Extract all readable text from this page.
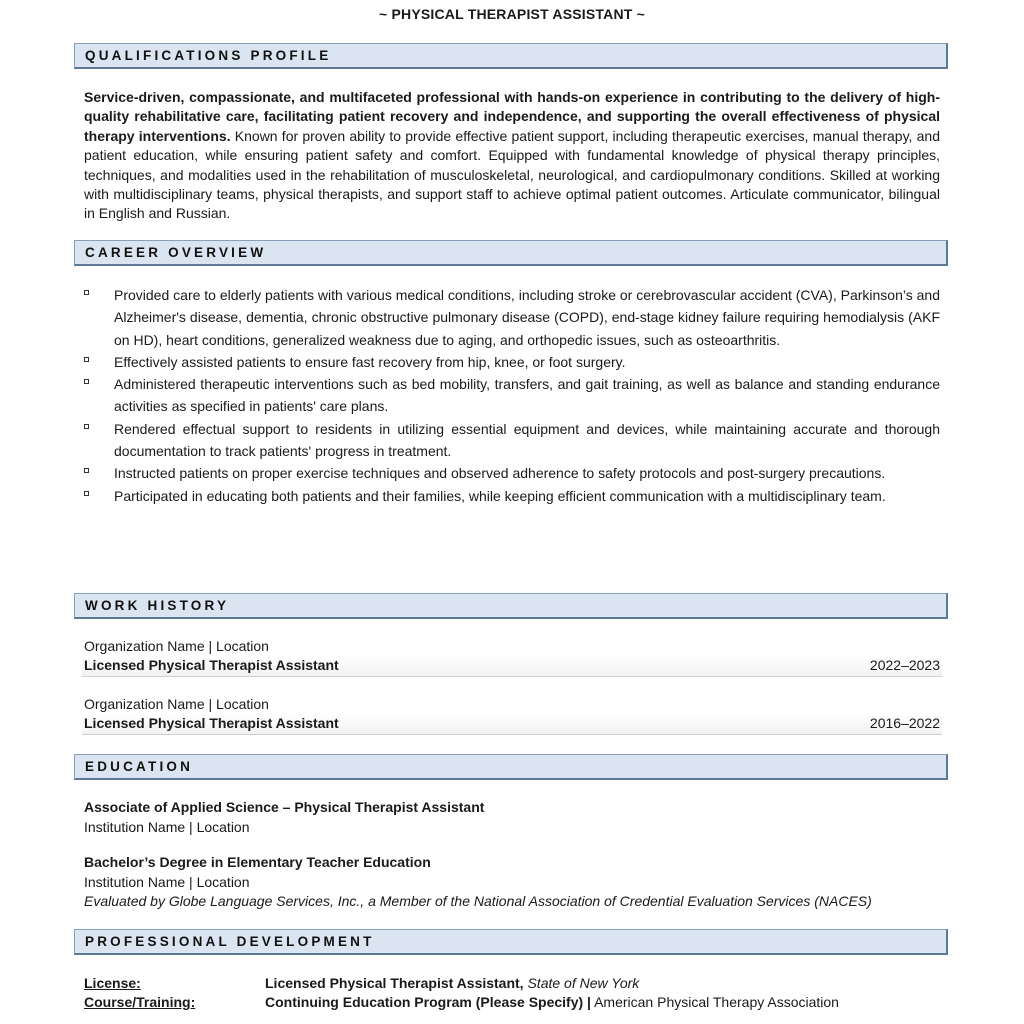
~ PHYSICAL THERAPIST ASSISTANT ~
QUALIFICATIONS PROFILE
Service-driven, compassionate, and multifaceted professional with hands-on experience in contributing to the delivery of high-quality rehabilitative care, facilitating patient recovery and independence, and supporting the overall effectiveness of physical therapy interventions. Known for proven ability to provide effective patient support, including therapeutic exercises, manual therapy, and patient education, while ensuring patient safety and comfort. Equipped with fundamental knowledge of physical therapy principles, techniques, and modalities used in the rehabilitation of musculoskeletal, neurological, and cardiopulmonary conditions. Skilled at working with multidisciplinary teams, physical therapists, and support staff to achieve optimal patient outcomes. Articulate communicator, bilingual in English and Russian.
CAREER OVERVIEW
Provided care to elderly patients with various medical conditions, including stroke or cerebrovascular accident (CVA), Parkinson’s and Alzheimer's disease, dementia, chronic obstructive pulmonary disease (COPD), end-stage kidney failure requiring hemodialysis (AKF on HD), heart conditions, generalized weakness due to aging, and orthopedic issues, such as osteoarthritis.
Effectively assisted patients to ensure fast recovery from hip, knee, or foot surgery.
Administered therapeutic interventions such as bed mobility, transfers, and gait training, as well as balance and standing endurance activities as specified in patients' care plans.
Rendered effectual support to residents in utilizing essential equipment and devices, while maintaining accurate and thorough documentation to track patients' progress in treatment.
Instructed patients on proper exercise techniques and observed adherence to safety protocols and post-surgery precautions.
Participated in educating both patients and their families, while keeping efficient communication with a multidisciplinary team.
WORK HISTORY
Organization Name | Location
Licensed Physical Therapist Assistant	2022–2023
Organization Name | Location
Licensed Physical Therapist Assistant	2016–2022
EDUCATION
Associate of Applied Science – Physical Therapist Assistant
Institution Name | Location
Bachelor’s Degree in Elementary Teacher Education
Institution Name | Location
Evaluated by Globe Language Services, Inc., a Member of the National Association of Credential Evaluation Services (NACES)
PROFESSIONAL DEVELOPMENT
License:	Licensed Physical Therapist Assistant, State of New York
Course/Training:	Continuing Education Program (Please Specify) | American Physical Therapy Association
